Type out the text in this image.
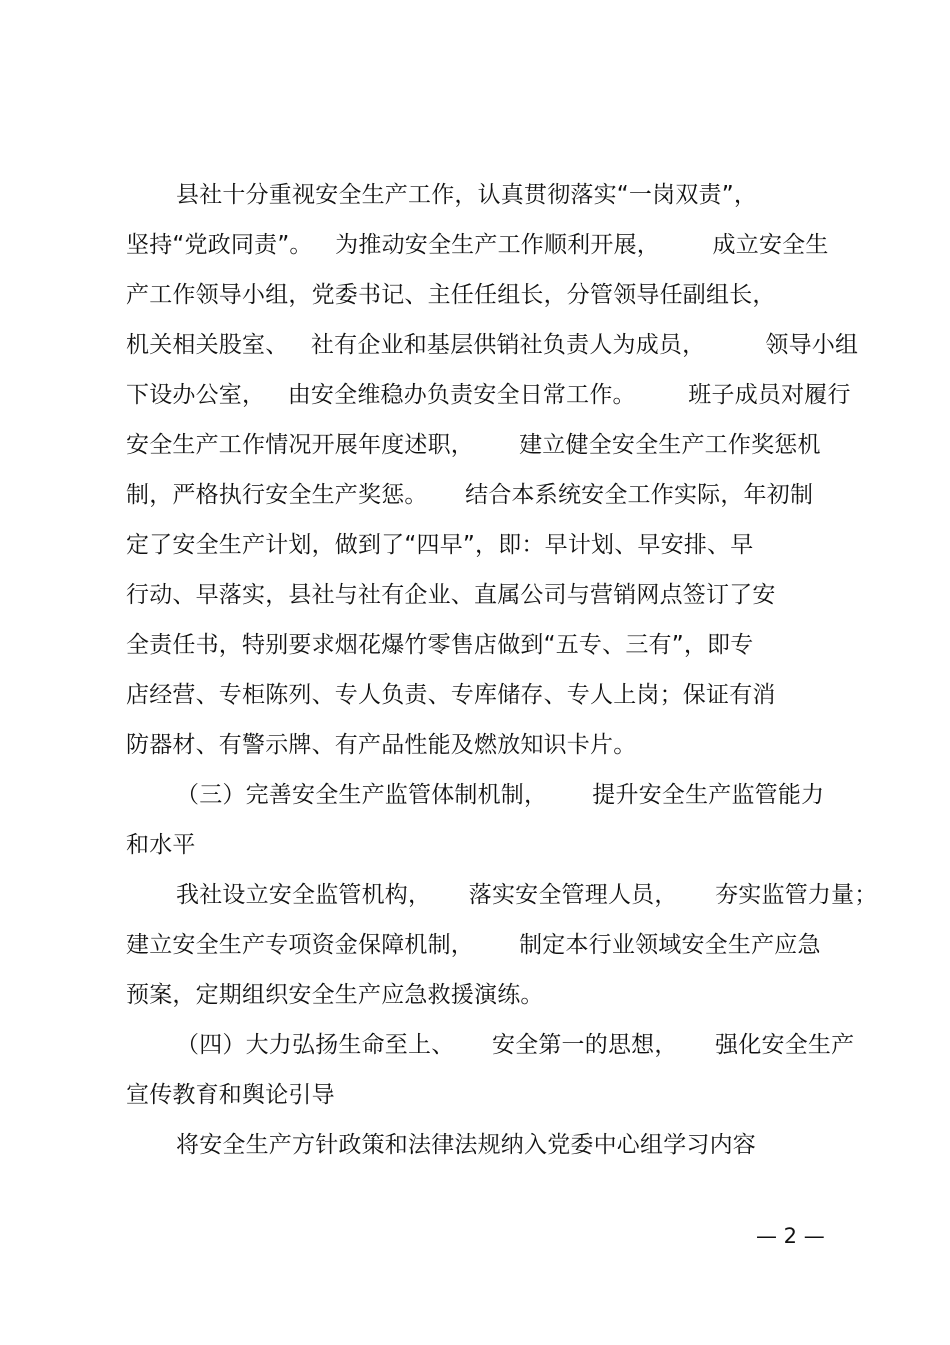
县社十分重视安全生产工作，认真贯彻落实“一岗双责”，
坚持“党政同责”。   为推动安全生产工作顺利开展，       成立安全生
产工作领导小组，党委书记、主任任组长，分管领导任副组长，
机关相关股室、   社有企业和基层供销社负责人为成员，        领导小组
下设办公室，   由安全维稳办负责安全日常工作。       班子成员对履行
安全生产工作情况开展年度述职，      建立健全安全生产工作奖惩机
制，严格执行安全生产奖惩。     结合本系统安全工作实际，年初制
定了安全生产计划，做到了“四早”，即：早计划、早安排、早
行动、早落实，县社与社有企业、直属公司与营销网点签订了安
全责任书，特别要求烟花爆竹零售店做到“五专、三有”，即专
店经营、专柜陈列、专人负责、专库储存、专人上岗；保证有消
防器材、有警示牌、有产品性能及燃放知识卡片。
（三）完善安全生产监管体制机制，      提升安全生产监管能力
和水平
我社设立安全监管机构，     落实安全管理人员，     夯实监管力量；
建立安全生产专项资金保障机制，      制定本行业领域安全生产应急
预案，定期组织安全生产应急救援演练。
（四）大力弘扬生命至上、     安全第一的思想，     强化安全生产
宣传教育和舆论引导
将安全生产方针政策和法律法规纳入党委中心组学习内容
— 2 —
